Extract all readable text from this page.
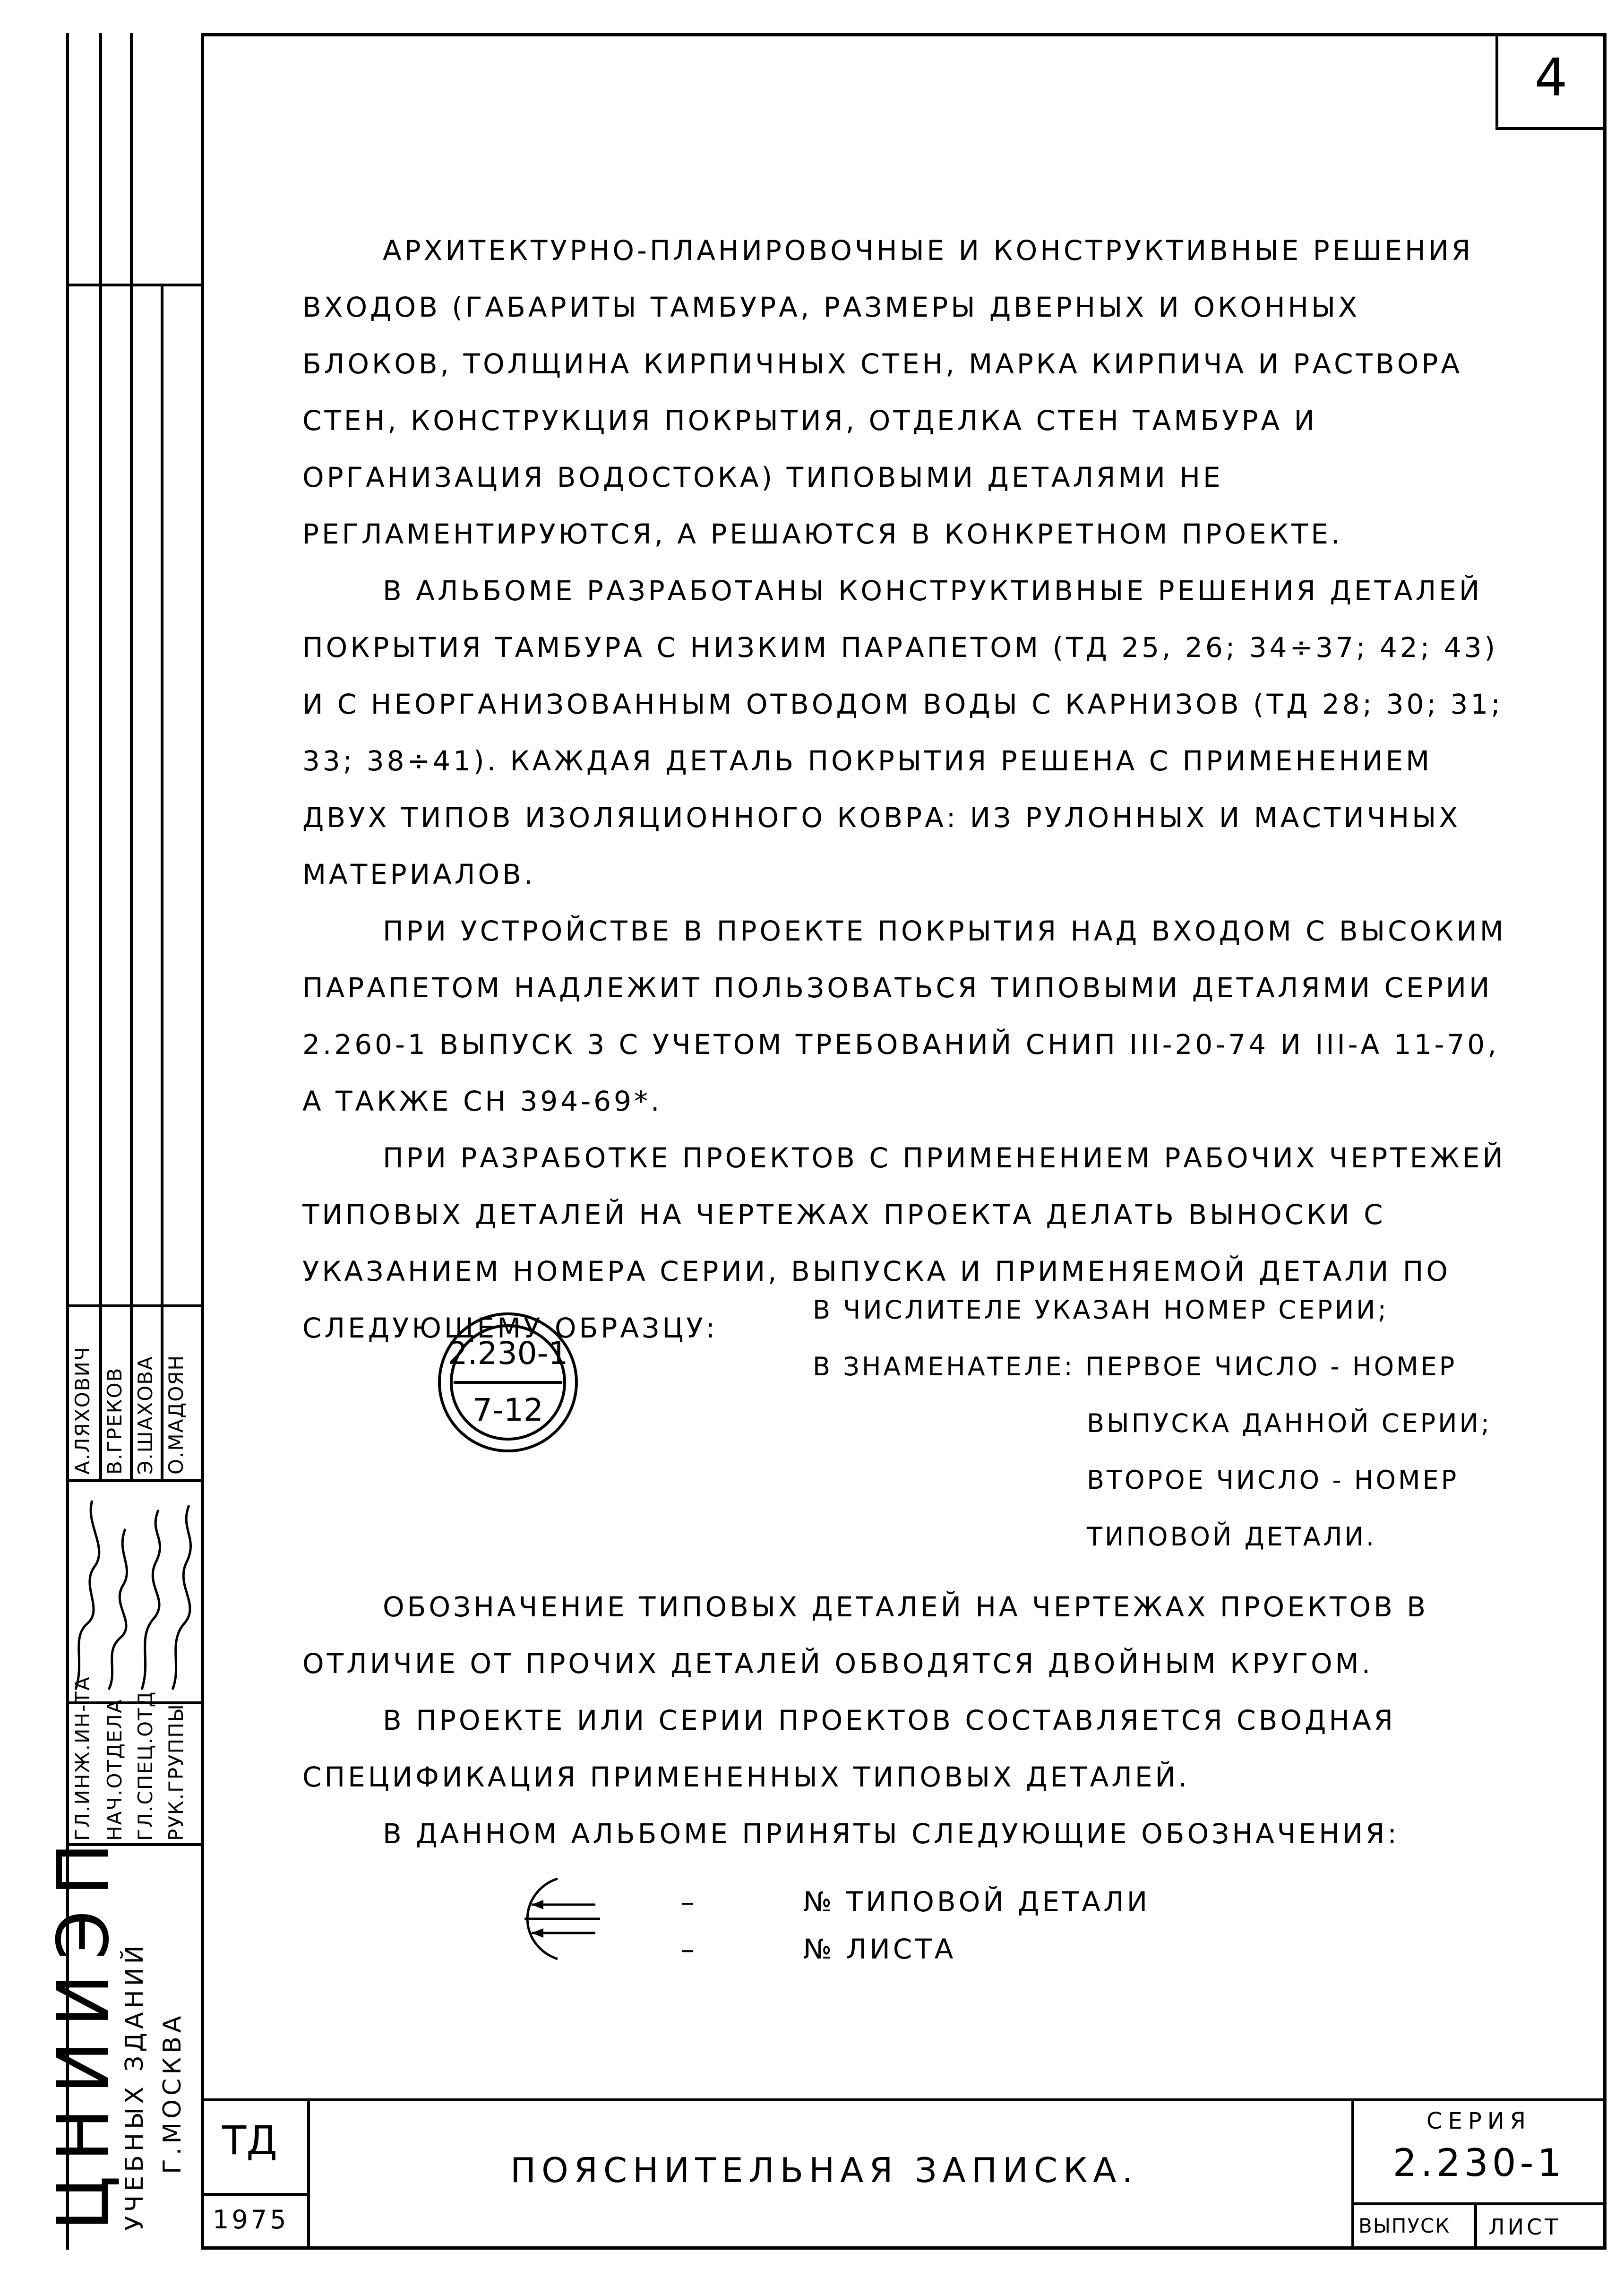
4
А.ЛЯХОВИЧ В.ГРЕКОВ Э.ШАХОВА О.МАДОЯН
ГЛ.ИНЖ.ИН-ТА НАЧ.ОТДЕЛА ГЛ.СПЕЦ.ОТД РУК.ГРУППЫ
ЦНИИЭП
УЧЕБНЫХ ЗДАНИЙ Г.МОСКВА

АРХИТЕКТУРНО-ПЛАНИРОВОЧНЫЕ И КОНСТРУКТИВНЫЕ РЕШЕНИЯ ВХОДОВ (ГАБАРИТЫ ТАМБУРА, РАЗМЕРЫ ДВЕРНЫХ И ОКОННЫХ БЛОКОВ, ТОЛЩИНА КИРПИЧНЫХ СТЕН, МАРКА КИРПИЧА И РАСТВОРА СТЕН, КОНСТРУКЦИЯ ПОКРЫТИЯ, ОТДЕЛКА СТЕН ТАМБУРА И ОРГАНИЗАЦИЯ ВОДОСТОКА) ТИПОВЫМИ ДЕТАЛЯМИ НЕ РЕГЛАМЕНТИРУЮТСЯ, А РЕШАЮТСЯ В КОНКРЕТНОМ ПРОЕКТЕ.

В АЛЬБОМЕ РАЗРАБОТАНЫ КОНСТРУКТИВНЫЕ РЕШЕНИЯ ДЕТАЛЕЙ ПОКРЫТИЯ ТАМБУРА С НИЗКИМ ПАРАПЕТОМ (ТД 25, 26; 34÷37; 42; 43) И С НЕОРГАНИЗОВАННЫМ ОТВОДОМ ВОДЫ С КАРНИЗОВ (ТД 28; 30; 31; 33; 38÷41). КАЖДАЯ ДЕТАЛЬ ПОКРЫТИЯ РЕШЕНА С ПРИМЕНЕНИЕМ ДВУХ ТИПОВ ИЗОЛЯЦИОННОГО КОВРА: ИЗ РУЛОННЫХ И МАСТИЧНЫХ МАТЕРИАЛОВ.

ПРИ УСТРОЙСТВЕ В ПРОЕКТЕ ПОКРЫТИЯ НАД ВХОДОМ С ВЫСОКИМ ПАРАПЕТОМ НАДЛЕЖИТ ПОЛЬЗОВАТЬСЯ ТИПОВЫМИ ДЕТАЛЯМИ СЕРИИ 2.260-1 ВЫПУСК 3 С УЧЕТОМ ТРЕБОВАНИЙ СНИП III-20-74 И III-А 11-70, А ТАКЖЕ СН 394-69*.

ПРИ РАЗРАБОТКЕ ПРОЕКТОВ С ПРИМЕНЕНИЕМ РАБОЧИХ ЧЕРТЕЖЕЙ ТИПОВЫХ ДЕТАЛЕЙ НА ЧЕРТЕЖАХ ПРОЕКТА ДЕЛАТЬ ВЫНОСКИ С УКАЗАНИЕМ НОМЕРА СЕРИИ, ВЫПУСКА И ПРИМЕНЯЕМОЙ ДЕТАЛИ ПО СЛЕДУЮЩЕМУ ОБРАЗЦУ:

2.230-1
7-12
В ЧИСЛИТЕЛЕ УКАЗАН НОМЕР СЕРИИ;
В ЗНАМЕНАТЕЛЕ: ПЕРВОЕ ЧИСЛО - НОМЕР
ВЫПУСКА ДАННОЙ СЕРИИ;
ВТОРОЕ ЧИСЛО - НОМЕР
ТИПОВОЙ ДЕТАЛИ.

ОБОЗНАЧЕНИЕ ТИПОВЫХ ДЕТАЛЕЙ НА ЧЕРТЕЖАХ ПРОЕКТОВ В ОТЛИЧИЕ ОТ ПРОЧИХ ДЕТАЛЕЙ ОБВОДЯТСЯ ДВОЙНЫМ КРУГОМ.

В ПРОЕКТЕ ИЛИ СЕРИИ ПРОЕКТОВ СОСТАВЛЯЕТСЯ СВОДНАЯ СПЕЦИФИКАЦИЯ ПРИМЕНЕННЫХ ТИПОВЫХ ДЕТАЛЕЙ.

В ДАННОМ АЛЬБОМЕ ПРИНЯТЫ СЛЕДУЮЩИЕ ОБОЗНАЧЕНИЯ:

–	№ ТИПОВОЙ ДЕТАЛИ
–	№ ЛИСТА
ТД
1975
ПОЯСНИТЕЛЬНАЯ ЗАПИСКА.
СЕРИЯ
2.230-1
ВЫПУСК ЛИСТ
